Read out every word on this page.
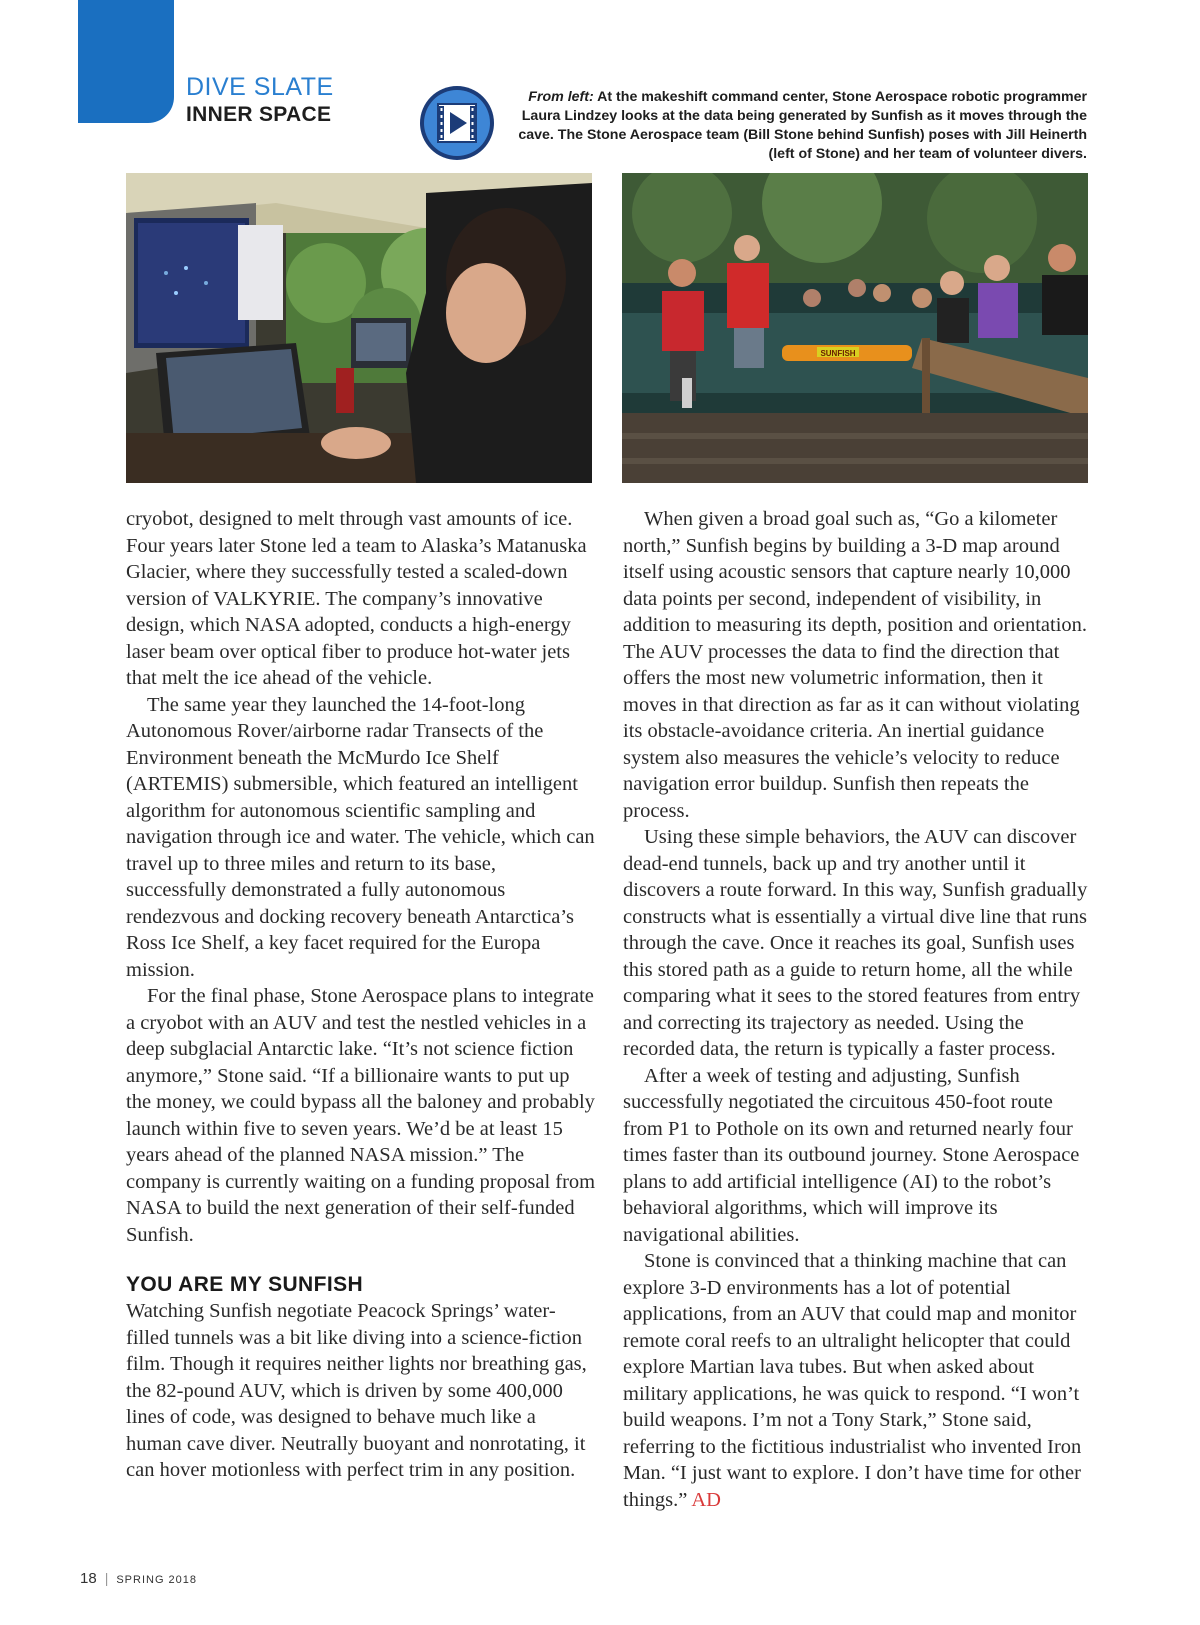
DIVE SLATE
INNER SPACE
From left: At the makeshift command center, Stone Aerospace robotic programmer Laura Lindzey looks at the data being generated by Sunfish as it moves through the cave. The Stone Aerospace team (Bill Stone behind Sunfish) poses with Jill Heinerth (left of Stone) and her team of volunteer divers.
SUNFISH

cryobot, designed to melt through vast amounts of ice. Four years later Stone led a team to Alaska’s Matanuska Glacier, where they successfully tested a scaled-down version of VALKYRIE. The company’s innovative design, which NASA adopted, conducts a high-energy laser beam over optical fiber to produce hot-water jets that melt the ice ahead of the vehicle.

The same year they launched the 14-foot-long Autonomous Rover/airborne radar Transects of the Environment beneath the McMurdo Ice Shelf (ARTEMIS) submersible, which featured an intelligent algorithm for autonomous scientific sampling and navigation through ice and water. The vehicle, which can travel up to three miles and return to its base, successfully demonstrated a fully autonomous rendezvous and docking recovery beneath Antarctica’s Ross Ice Shelf, a key facet required for the Europa mission.

For the final phase, Stone Aerospace plans to integrate a cryobot with an AUV and test the nestled vehicles in a deep subglacial Antarctic lake. “It’s not science fiction anymore,” Stone said. “If a billionaire wants to put up the money, we could bypass all the baloney and probably launch within five to seven years. We’d be at least 15 years ahead of the planned NASA mission.” The company is currently waiting on a funding proposal from NASA to build the next generation of their self-funded Sunfish.

YOU ARE MY SUNFISH

Watching Sunfish negotiate Peacock Springs’ water-filled tunnels was a bit like diving into a science-fiction film. Though it requires neither lights nor breathing gas, the 82-pound AUV, which is driven by some 400,000 lines of code, was designed to behave much like a human cave diver. Neutrally buoyant and nonrotating, it can hover motionless with perfect trim in any position.

When given a broad goal such as, “Go a kilometer north,” Sunfish begins by building a 3-D map around itself using acoustic sensors that capture nearly 10,000 data points per second, independent of visibility, in addition to measuring its depth, position and orientation. The AUV processes the data to find the direction that offers the most new volumetric information, then it moves in that direction as far as it can without violating its obstacle-avoidance criteria. An inertial guidance system also measures the vehicle’s velocity to reduce navigation error buildup. Sunfish then repeats the process.

Using these simple behaviors, the AUV can discover dead-end tunnels, back up and try another until it discovers a route forward. In this way, Sunfish gradually constructs what is essentially a virtual dive line that runs through the cave. Once it reaches its goal, Sunfish uses this stored path as a guide to return home, all the while comparing what it sees to the stored features from entry and correcting its trajectory as needed. Using the recorded data, the return is typically a faster process.

After a week of testing and adjusting, Sunfish successfully negotiated the circuitous 450-foot route from P1 to Pothole on its own and returned nearly four times faster than its outbound journey. Stone Aerospace plans to add artificial intelligence (AI) to the robot’s behavioral algorithms, which will improve its navigational abilities.

Stone is convinced that a thinking machine that can explore 3-D environments has a lot of potential applications, from an AUV that could map and monitor remote coral reefs to an ultralight helicopter that could explore Martian lava tubes. But when asked about military applications, he was quick to respond. “I won’t build weapons. I’m not a Tony Stark,” Stone said, referring to the fictitious industrialist who invented Iron Man. “I just want to explore. I don’t have time for other things.” AD

18 | SPRING 2018
